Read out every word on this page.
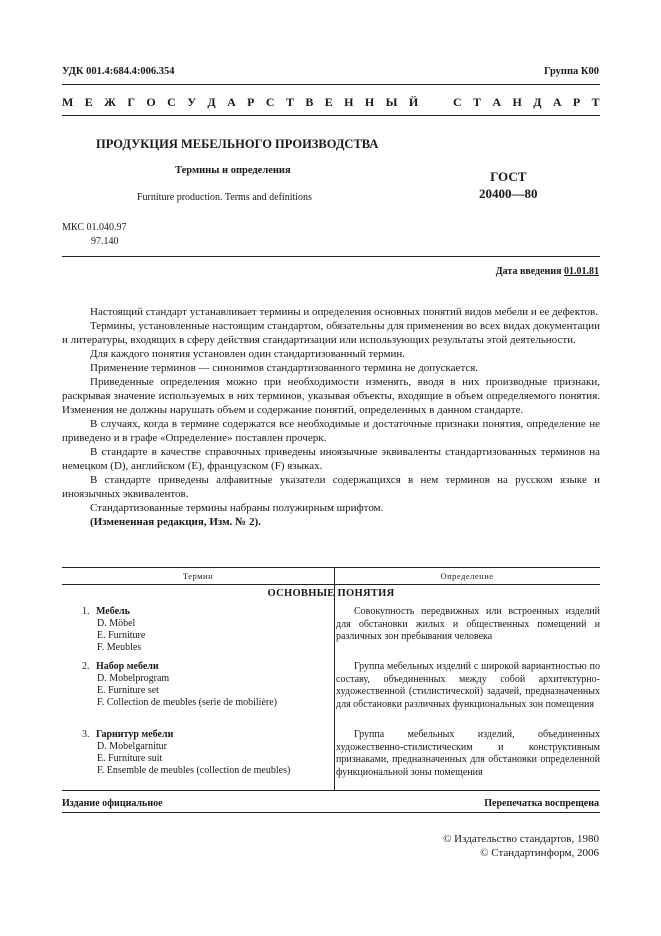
УДК 001.4:684.4:006.354	Группа К00
М Е Ж Г О С У Д А Р С Т В Е Н Н Ы Й	С Т А Н Д А Р Т
ПРОДУКЦИЯ МЕБЕЛЬНОГО ПРОИЗВОДСТВА
Термины и определения
Furniture production. Terms and definitions
ГОСТ
20400—80
МКС 01.040.97
97.140
Дата введения 01.01.81

Настоящий стандарт устанавливает термины и определения основных понятий видов мебели и ее дефектов.

Термины, установленные настоящим стандартом, обязательны для применения во всех видах документации и литературы, входящих в сферу действия стандартизации или использующих результаты этой деятельности.

Для каждого понятия установлен один стандартизованный термин.

Применение терминов — синонимов стандартизованного термина не допускается.

Приведенные определения можно при необходимости изменять, вводя в них производные признаки, раскрывая значение используемых в них терминов, указывая объекты, входящие в объем определяемого понятия. Изменения не должны нарушать объем и содержание понятий, определенных в данном стандарте.

В случаях, когда в термине содержатся все необходимые и достаточные признаки понятия, определение не приведено и в графе «Определение» поставлен прочерк.

В стандарте в качестве справочных приведены иноязычные эквиваленты стандартизованных терминов на немецком (D), английском (Е), французском (F) языках.

В стандарте приведены алфавитные указатели содержащихся в нем терминов на русском языке и иноязычных эквивалентов.

Стандартизованные термины набраны полужирным шрифтом.

(Измененная редакция, Изм. № 2).

Термин	Определение
ОСНОВНЫЕ ПОНЯТИЯ
1. Мебель
D. Möbel
E. Furniture
F. Meubles
Совокупность передвижных или встроенных изделий для обстановки жилых и общественных помещений и различных зон пребывания человека
2. Набор мебели
D. Mobelprogram
E. Furniture set
F. Collection de meubles (serie de mobilière)
Группа мебельных изделий с широкой вариантностью по составу, объединенных между собой архитектурно-художественной (стилистической) задачей, предназначенных для обстановки различных функциональных зон помещения
3. Гарнитур мебели
D. Mobelgarnitur
E. Furniture suit
F. Ensemble de meubles (collection de meubles)
Группа мебельных изделий, объединенных художественно-стилистическим и конструктивным признаками, предназначенных для обстановки определенной функциональной зоны помещения
Издание официальное	Перепечатка воспрещена
© Издательство стандартов, 1980
© Стандартинформ, 2006
